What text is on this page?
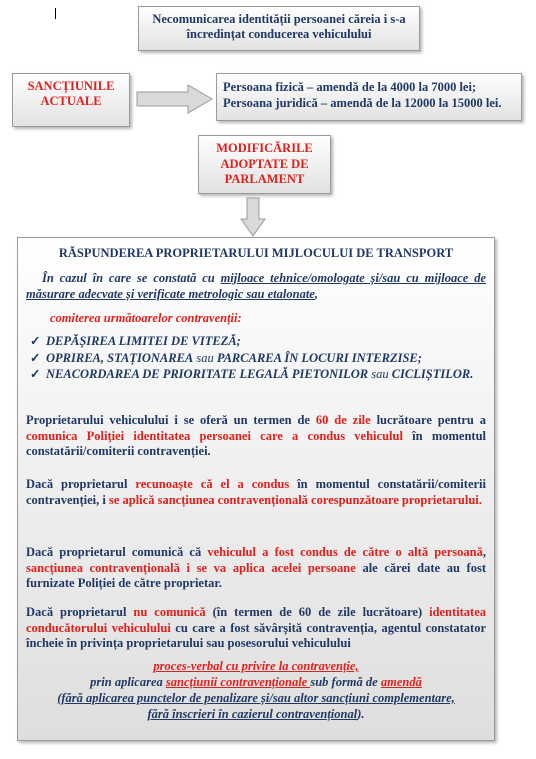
Necomunicarea identității persoanei căreia i s-a
încredințat conducerea vehiculului
SANCȚIUNILE
ACTUALE
Persoana fizică – amendă de la 4000 la 7000 lei;
Persoana juridică – amendă de la 12000 la 15000 lei.
MODIFICĂRILE
ADOPTATE DE
PARLAMENT

RĂSPUNDEREA PROPRIETARULUI MIJLOCULUI DE TRANSPORT

În cazul în care se constată cu mijloace tehnice/omologate și/sau cu mijloace de măsurare adecvate și verificate metrologic sau etalonate,

comiterea următoarelor contravenții:

✓ DEPĂȘIREA LIMITEI DE VITEZĂ;
✓ OPRIREA, STAȚIONAREA sau PARCAREA ÎN LOCURI INTERZISE;
✓ NEACORDAREA DE PRIORITATE LEGALĂ PIETONILOR sau CICLIȘTILOR.

Proprietarului vehiculului i se oferă un termen de 60 de zile lucrătoare pentru a comunica Poliției identitatea persoanei care a condus vehiculul în momentul constatării/comiterii contravenției.

Dacă proprietarul recunoaște că el a condus în momentul constatării/comiterii contravenției, i se aplică sancțiunea contravențională corespunzătoare proprietarului.

Dacă proprietarul comunică că vehiculul a fost condus de către o altă persoană, sancțiunea contravențională i se va aplica acelei persoane ale cărei date au fost furnizate Poliției de către proprietar.

Dacă proprietarul nu comunică (în termen de 60 de zile lucrătoare) identitatea conducătorului vehiculului cu care a fost săvârșită contravenția, agentul constatator încheie în privința proprietarului sau posesorului vehiculului

proces-verbal cu privire la contravenție,

prin aplicarea sancțiunii contravenționale sub formă de amendă

(fără aplicarea punctelor de penalizare și/sau altor sancțiuni complementare,

fără înscrieri în cazierul contravențional).
